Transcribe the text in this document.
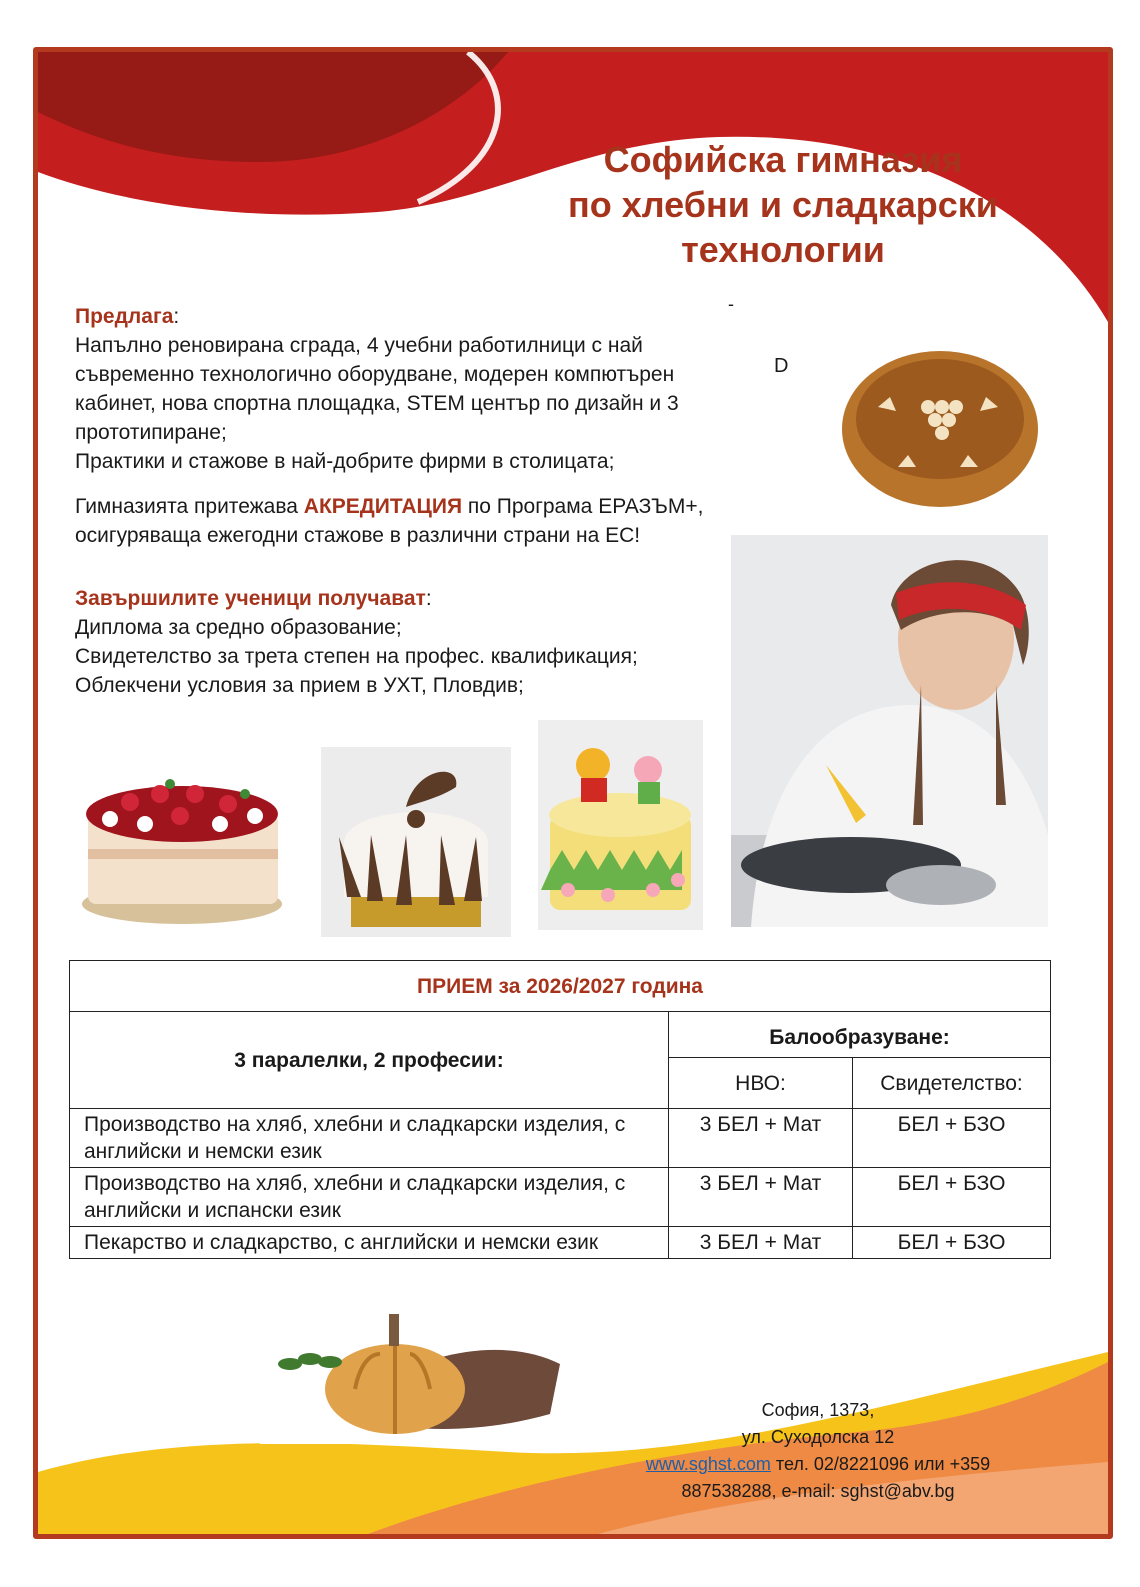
Софийска гимназия
по хлебни и сладкарски
технологии
Предлага:
Напълно реновирана сграда, 4 учебни работилници с най
съвременно технологично оборудване, модерен компютърен
кабинет, нова спортна площадка, STEM център по дизайн и 3
прототипиране;
Практики и стажове в най-добрите фирми в столицата;
-
D
Гимназията притежава АКРЕДИТАЦИЯ по Програма ЕРАЗЪМ+,
осигуряваща ежегодни стажове в различни страни на ЕС!
Завършилите ученици получават:
Диплома за средно образование;
Свидетелство за трета степен на профес. квалификация;
Облекчени условия за прием в УХТ, Пловдив;
ПРИЕМ за 2026/2027 година		
3 паралелки, 2 професии:	Балообразуване:	
	НВО:	Свидетелство:
Производство на хляб, хлебни и сладкарски изделия, с английски и немски език	3 БЕЛ + Мат	БЕЛ + БЗО
Производство на хляб, хлебни и сладкарски изделия, с английски и испански език	3 БЕЛ + Мат	БЕЛ + БЗО
Пекарство и сладкарство, с английски и немски език	3 БЕЛ + Мат	БЕЛ + БЗО
София, 1373,
ул. Суходолска 12
www.sghst.com тел. 02/8221096 или +359
887538288, e-mail: sghst@abv.bg
